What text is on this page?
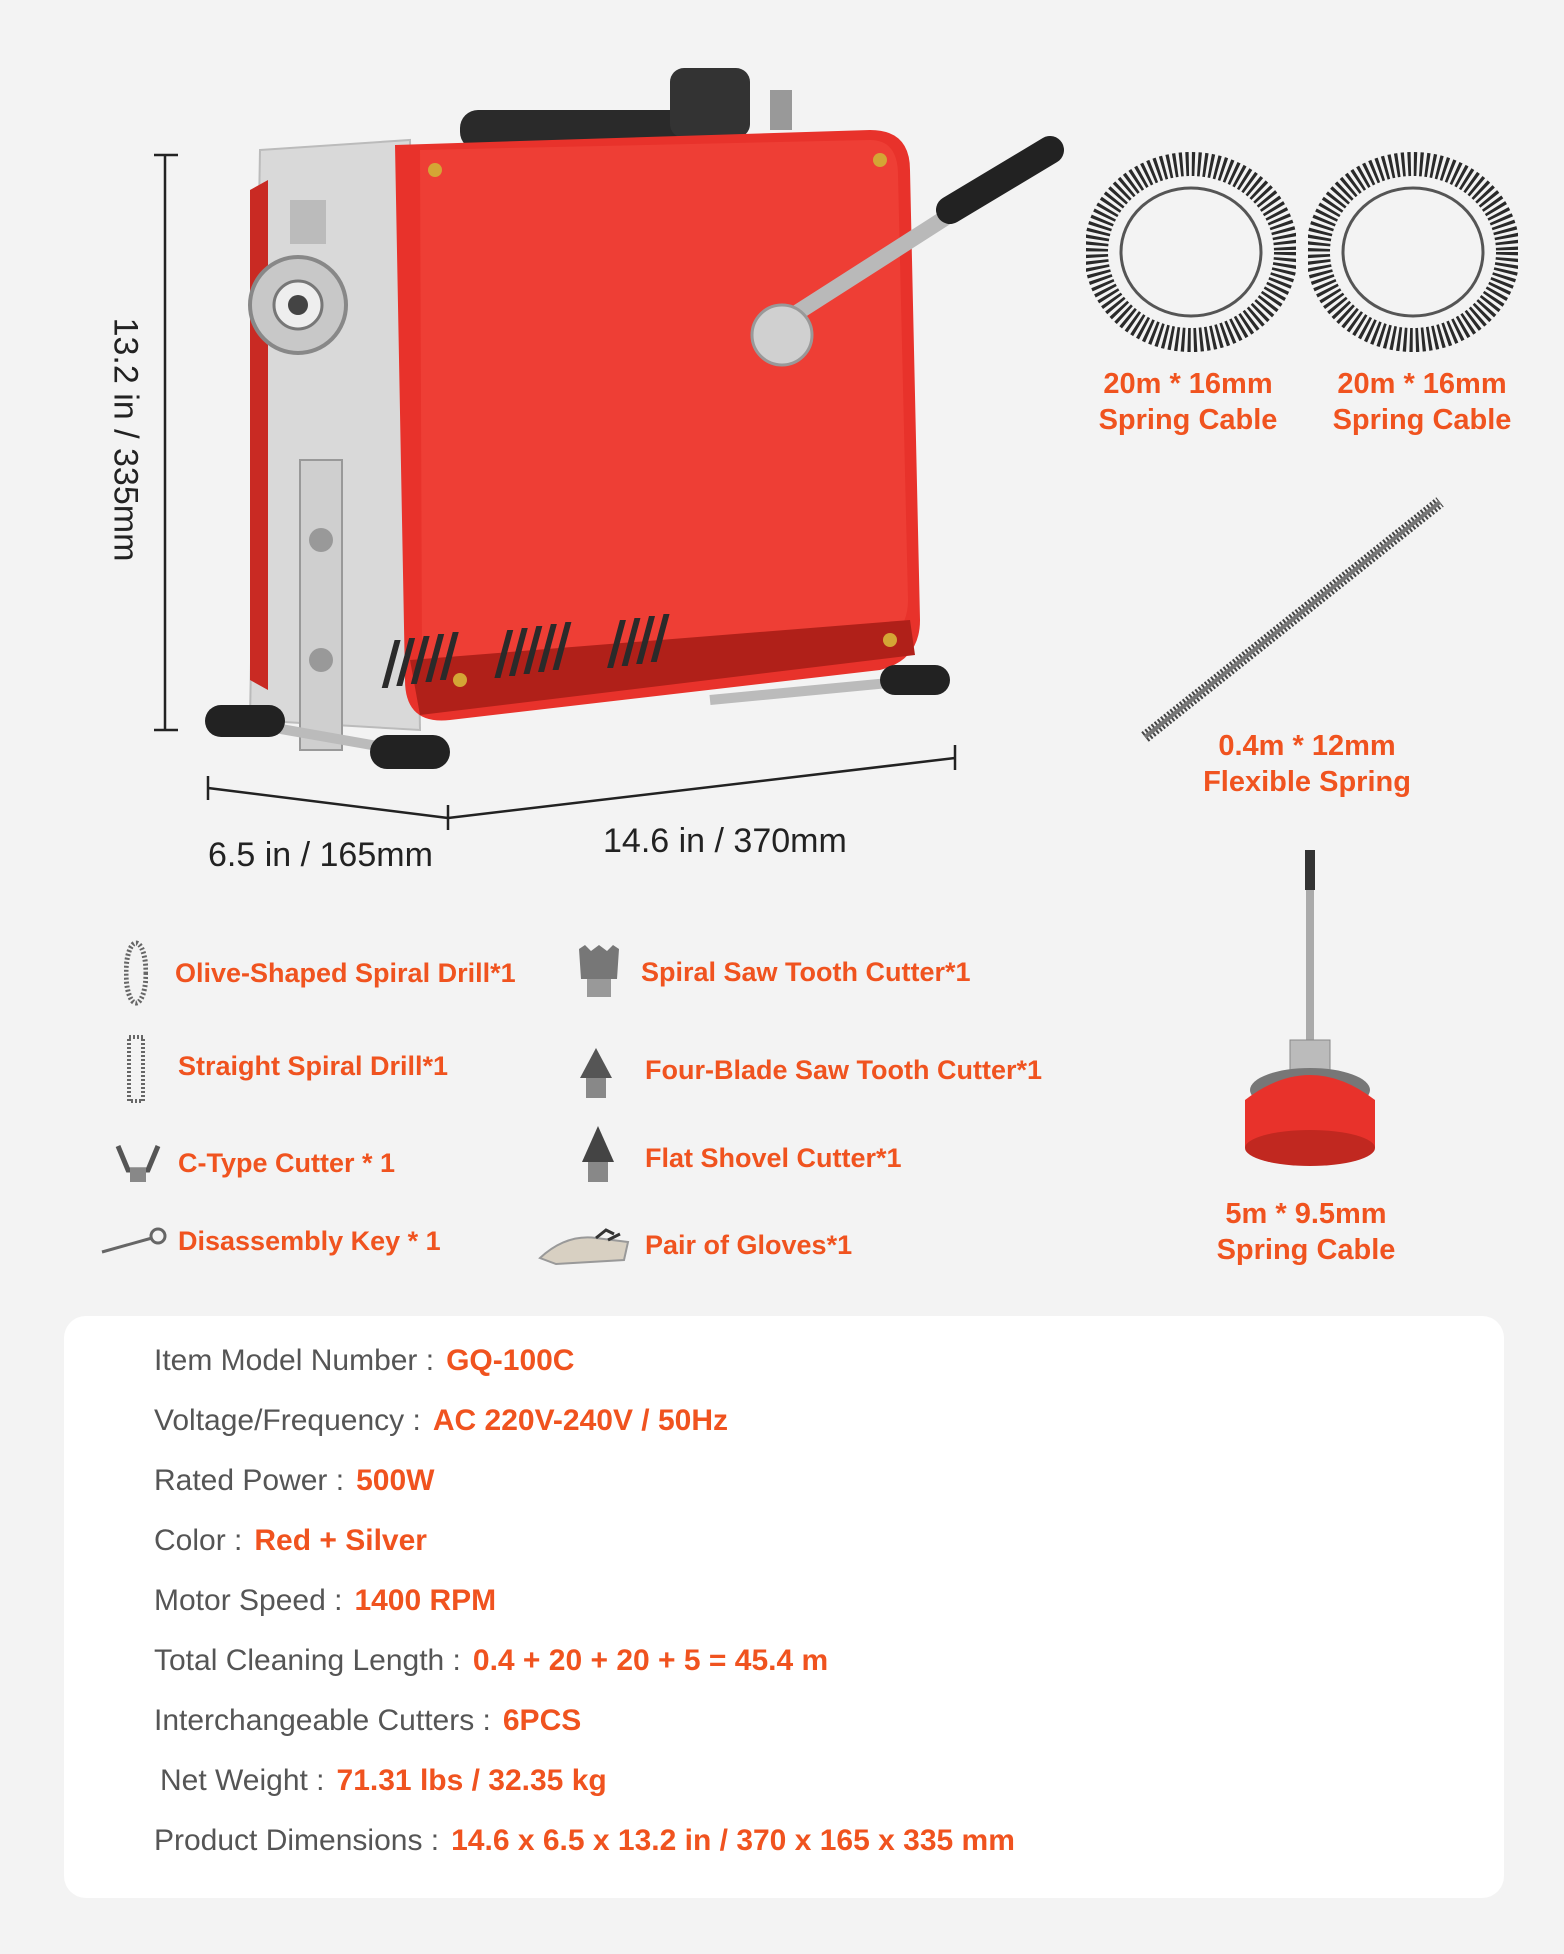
13.2 in / 335mm
6.5 in / 165mm	14.6 in / 370mm
20m * 16mm
Spring Cable
20m * 16mm
Spring Cable
0.4m * 12mm
Flexible Spring
5m * 9.5mm
Spring Cable
Olive-Shaped Spiral Drill*1
Straight Spiral Drill*1
C-Type Cutter * 1
Disassembly Key * 1
Spiral Saw Tooth Cutter*1
Four-Blade Saw Tooth Cutter*1
Flat Shovel Cutter*1
Pair of Gloves*1
Item Model Number : GQ-100C
Voltage/Frequency : AC 220V-240V / 50Hz
Rated Power : 500W
Color : Red + Silver
Motor Speed : 1400 RPM
Total Cleaning Length : 0.4 + 20 + 20 + 5 = 45.4 m
Interchangeable Cutters : 6PCS
Net Weight : 71.31 lbs / 32.35 kg
Product Dimensions : 14.6 x 6.5 x 13.2 in / 370 x 165 x 335 mm
